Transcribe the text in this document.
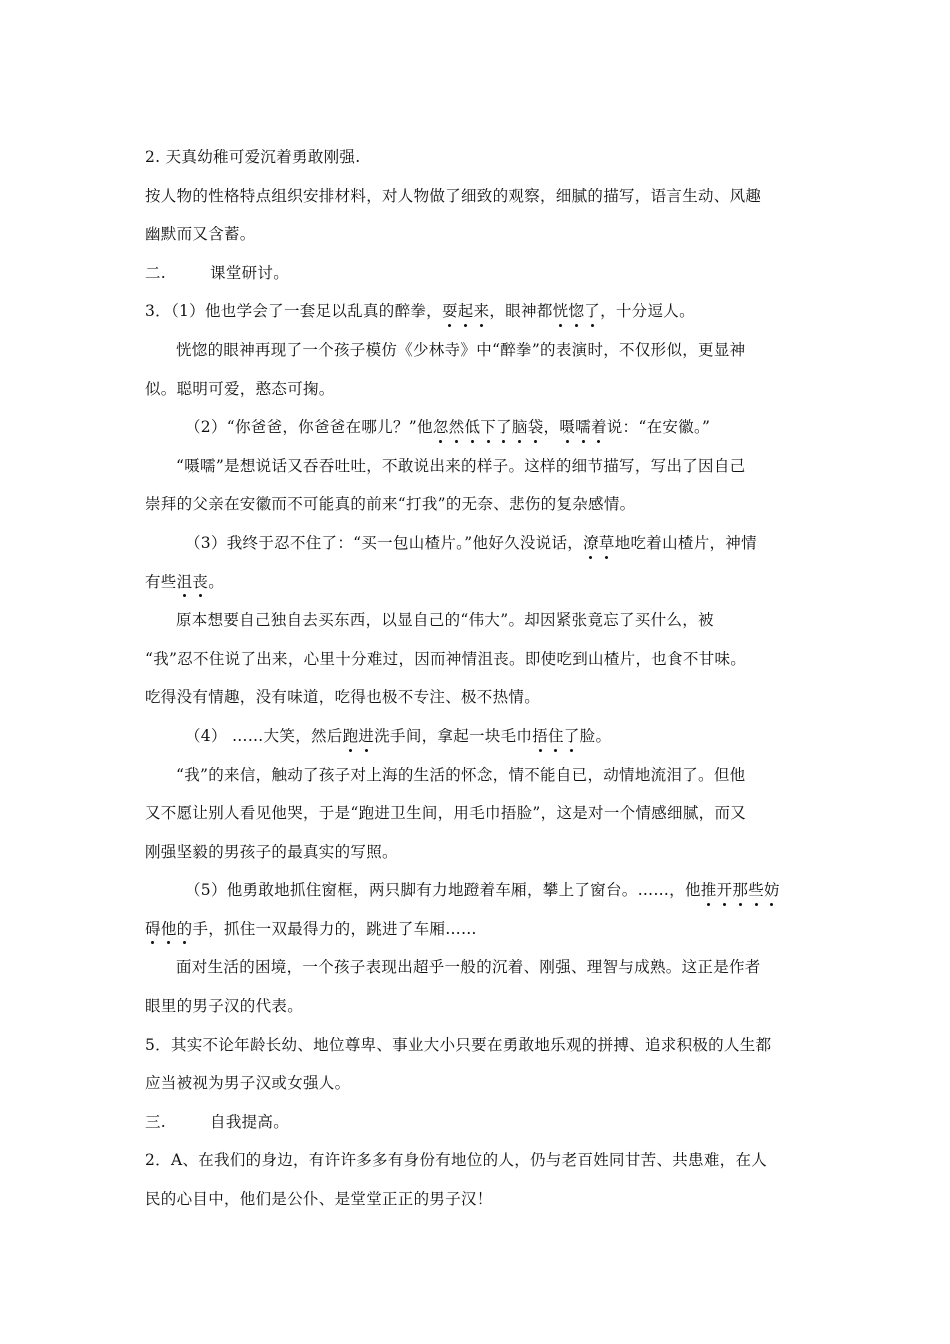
2. 天真幼稚可爱沉着勇敢刚强.
按人物的性格特点组织安排材料，对人物做了细致的观察，细腻的描写，语言生动、风趣
幽默而又含蓄。
二.	课堂研讨。
3．（1）他也学会了一套足以乱真的醉拳，耍起来，眼神都恍惚了，十分逗人。
恍惚的眼神再现了一个孩子模仿《少林寺》中“醉拳”的表演时，不仅形似，更显神
似。聪明可爱，憨态可掬。
（2）“你爸爸，你爸爸在哪儿？”他忽然低下了脑袋，嗫嚅着说：“在安徽。”
“嗫嚅”是想说话又吞吞吐吐，不敢说出来的样子。这样的细节描写，写出了因自己
崇拜的父亲在安徽而不可能真的前来“打我”的无奈、悲伤的复杂感情。
（3）我终于忍不住了：“买一包山楂片。”他好久没说话，潦草地吃着山楂片，神情
有些沮丧。
原本想要自己独自去买东西，以显自己的“伟大”。却因紧张竟忘了买什么，被
“我”忍不住说了出来，心里十分难过，因而神情沮丧。即使吃到山楂片，也食不甘味。
吃得没有情趣，没有味道，吃得也极不专注、极不热情。
（4） ……大笑，然后跑进洗手间，拿起一块毛巾捂住了脸。
“我”的来信，触动了孩子对上海的生活的怀念，情不能自已，动情地流泪了。但他
又不愿让别人看见他哭，于是“跑进卫生间，用毛巾捂脸”，这是对一个情感细腻，而又
刚强坚毅的男孩子的最真实的写照。
（5）他勇敢地抓住窗框，两只脚有力地蹬着车厢，攀上了窗台。……，他推开那些妨
碍他的手，抓住一双最得力的，跳进了车厢……
面对生活的困境，一个孩子表现出超乎一般的沉着、刚强、理智与成熟。这正是作者
眼里的男子汉的代表。
5．其实不论年龄长幼、地位尊卑、事业大小只要在勇敢地乐观的拼搏、追求积极的人生都
应当被视为男子汉或女强人。
三.	自我提高。
2．A、在我们的身边，有许许多多有身份有地位的人，仍与老百姓同甘苦、共患难，在人
民的心目中，他们是公仆、是堂堂正正的男子汉！
